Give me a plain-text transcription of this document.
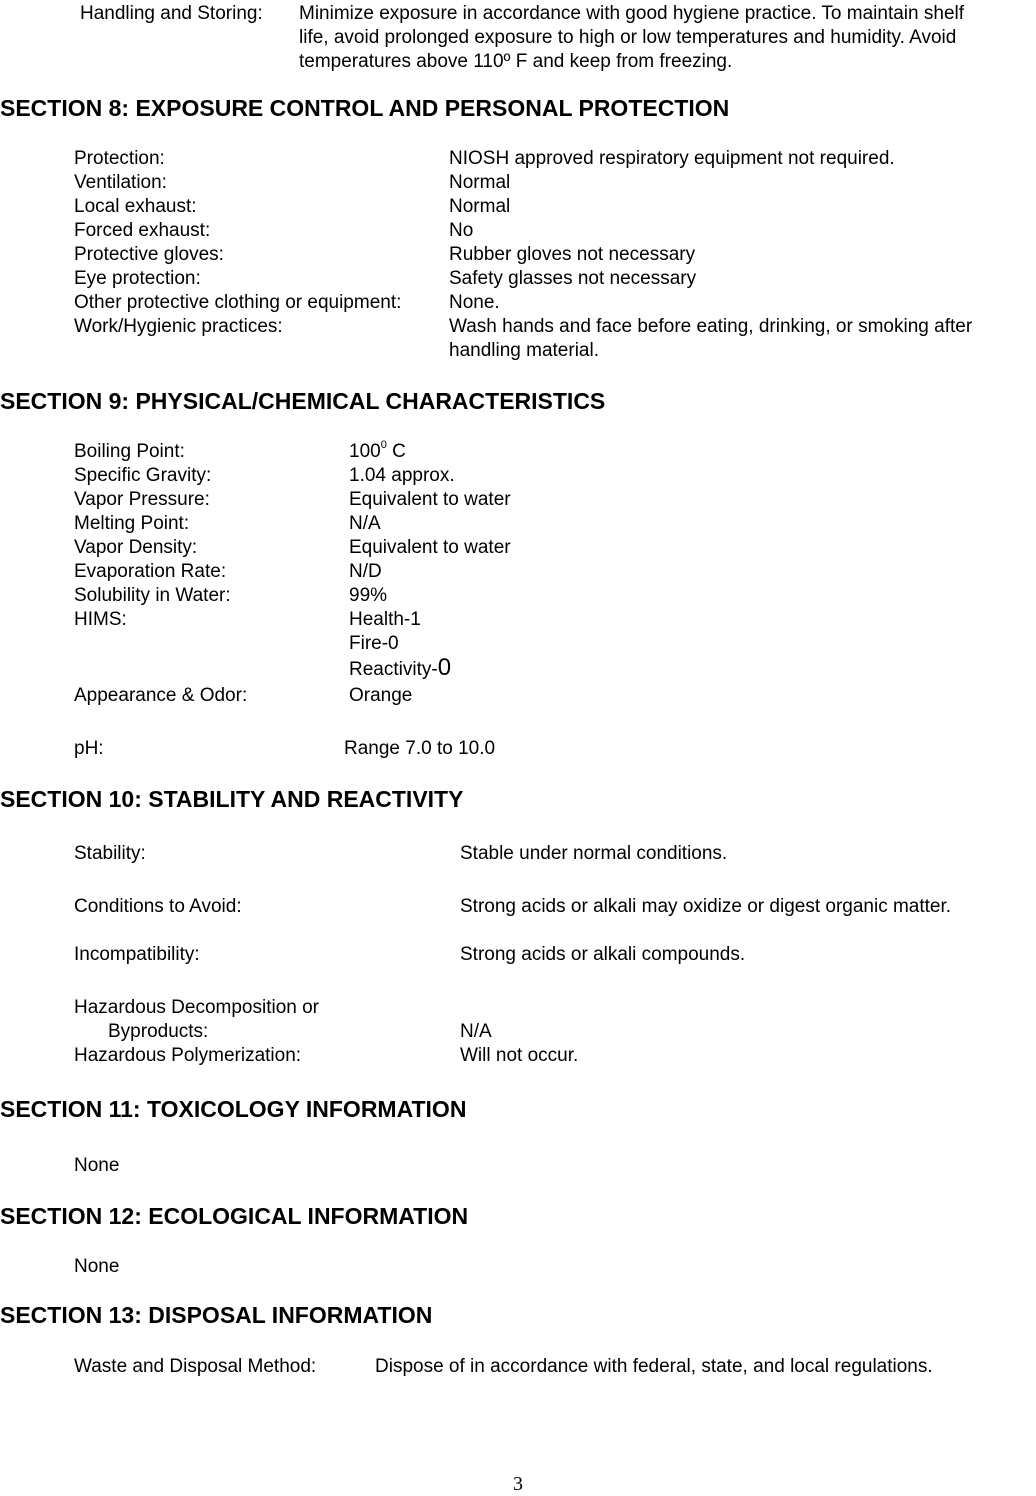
Handling and Storing: Minimize exposure in accordance with good hygiene practice. To maintain shelf
life, avoid prolonged exposure to high or low temperatures and humidity. Avoid
temperatures above 110º F and keep from freezing.
SECTION 8: EXPOSURE CONTROL AND PERSONAL PROTECTION
Protection:	NIOSH approved respiratory equipment not required.
Ventilation:	Normal
Local exhaust:	Normal
Forced exhaust:	No
Protective gloves:	Rubber gloves not necessary
Eye protection:	Safety glasses not necessary
Other protective clothing or equipment:	None.
Work/Hygienic practices:	Wash hands and face before eating, drinking, or smoking after
handling material.
SECTION 9: PHYSICAL/CHEMICAL CHARACTERISTICS
Boiling Point:	$100^0$ C
Specific Gravity:	1.04 approx.
Vapor Pressure:	Equivalent to water
Melting Point:	N/A
Vapor Density:	Equivalent to water
Evaporation Rate:	N/D
Solubility in Water:	99%
HIMS:	Health-1
Fire-0
Reactivity-0
Appearance & Odor:	Orange
pH:	Range 7.0 to 10.0
SECTION 10: STABILITY AND REACTIVITY
Stability:	Stable under normal conditions.
Conditions to Avoid:	Strong acids or alkali may oxidize or digest organic matter.
Incompatibility:	Strong acids or alkali compounds.
Hazardous Decomposition or
Byproducts:	N/A
Hazardous Polymerization:	Will not occur.
SECTION 11: TOXICOLOGY INFORMATION
None
SECTION 12: ECOLOGICAL INFORMATION
None
SECTION 13: DISPOSAL INFORMATION
Waste and Disposal Method:	Dispose of in accordance with federal, state, and local regulations.
3
